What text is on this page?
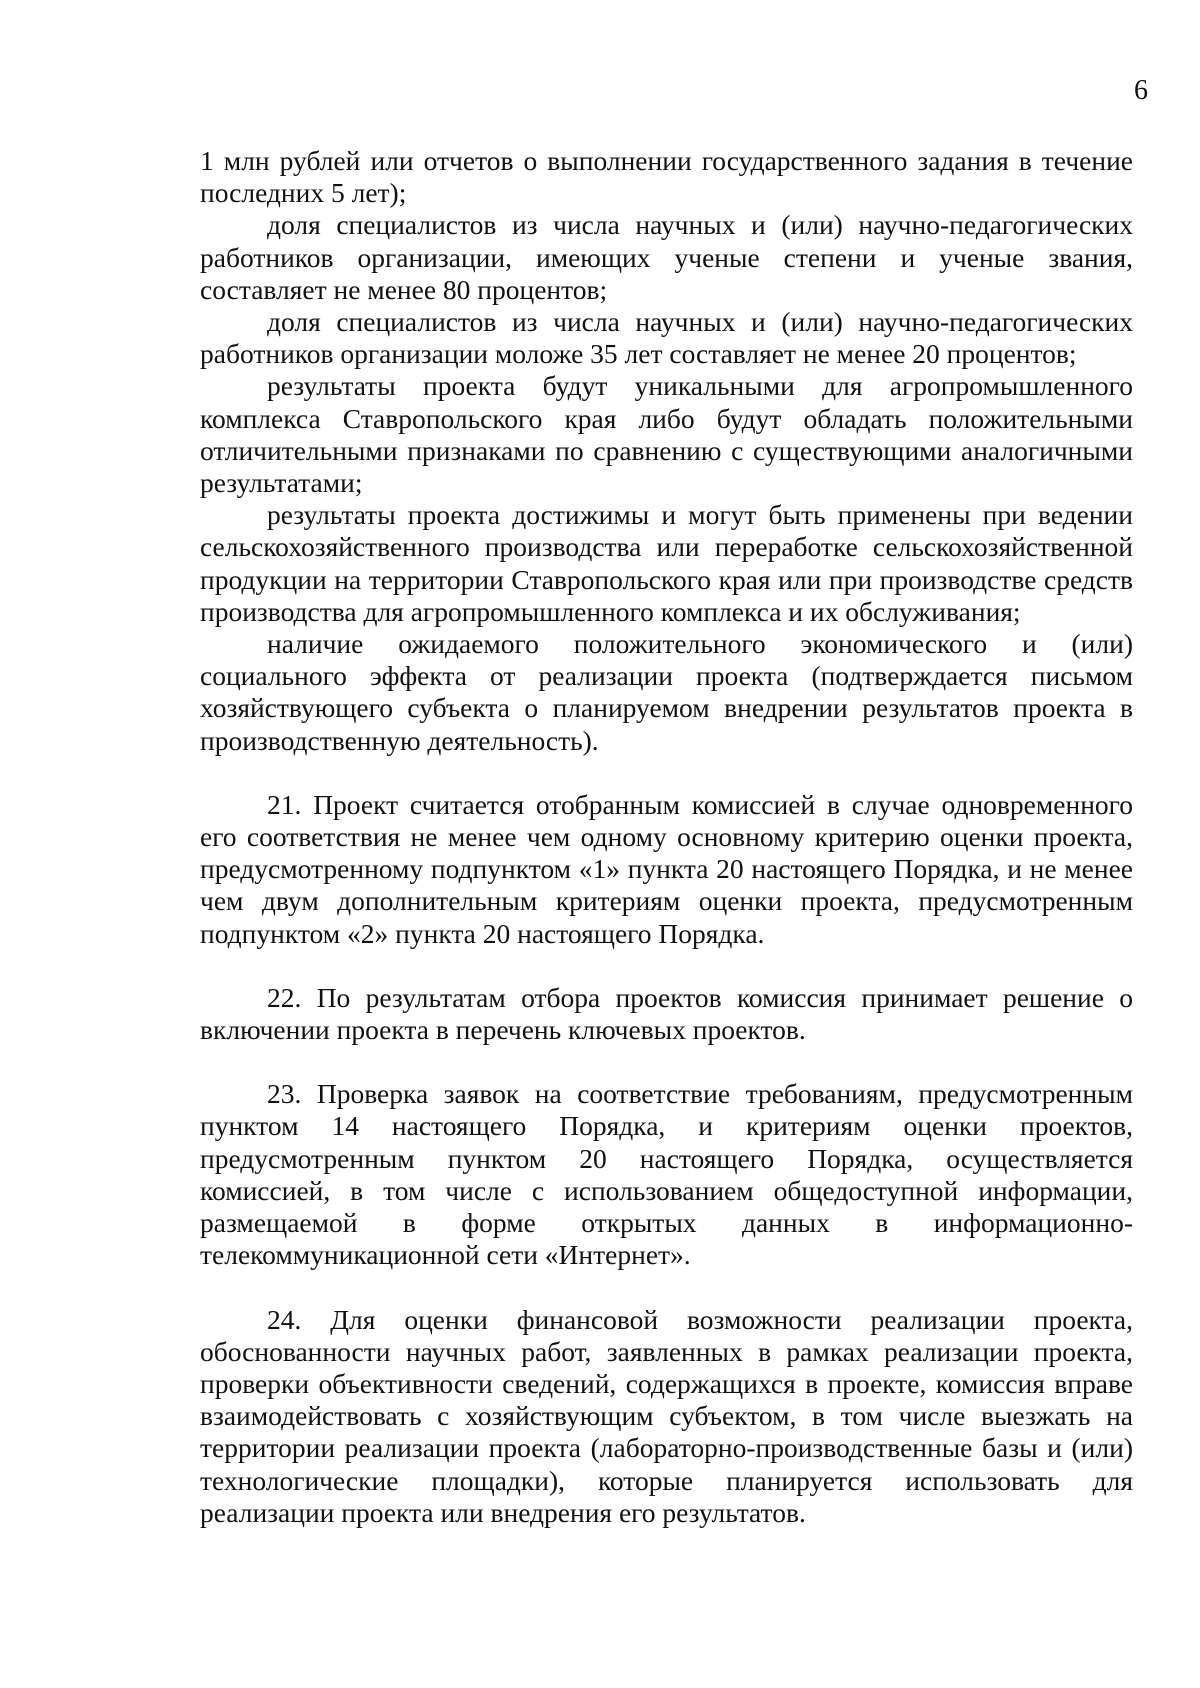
6

1 млн рублей или отчетов о выполнении государственного задания в течение последних 5 лет);

доля специалистов из числа научных и (или) научно-педагогических работников организации, имеющих ученые степени и ученые звания, составляет не менее 80 процентов;

доля специалистов из числа научных и (или) научно-педагогических работников организации моложе 35 лет составляет не менее 20 процентов;

результаты проекта будут уникальными для агропромышленного комплекса Ставропольского края либо будут обладать положительными отличительными признаками по сравнению с существующими аналогичными результатами;

результаты проекта достижимы и могут быть применены при ведении сельскохозяйственного производства или переработке сельскохозяйственной продукции на территории Ставропольского края или при производстве средств производства для агропромышленного комплекса и их обслуживания;

наличие ожидаемого положительного экономического и (или) социального эффекта от реализации проекта (подтверждается письмом хозяйствующего субъекта о планируемом внедрении результатов проекта в производственную деятельность).

21. Проект считается отобранным комиссией в случае одновременного его соответствия не менее чем одному основному критерию оценки проекта, предусмотренному подпунктом «1» пункта 20 настоящего Порядка, и не менее чем двум дополнительным критериям оценки проекта, предусмотренным подпунктом «2» пункта 20 настоящего Порядка.

22. По результатам отбора проектов комиссия принимает решение о включении проекта в перечень ключевых проектов.

23. Проверка заявок на соответствие требованиям, предусмотренным пунктом 14 настоящего Порядка, и критериям оценки проектов, предусмотренным пунктом 20 настоящего Порядка, осуществляется комиссией, в том числе с использованием общедоступной информации, размещаемой в форме открытых данных в информационно-телекоммуникационной сети «Интернет».

24. Для оценки финансовой возможности реализации проекта, обоснованности научных работ, заявленных в рамках реализации проекта, проверки объективности сведений, содержащихся в проекте, комиссия вправе взаимодействовать с хозяйствующим субъектом, в том числе выезжать на территории реализации проекта (лабораторно-производственные базы и (или) технологические площадки), которые планируется использовать для реализации проекта или внедрения его результатов.
